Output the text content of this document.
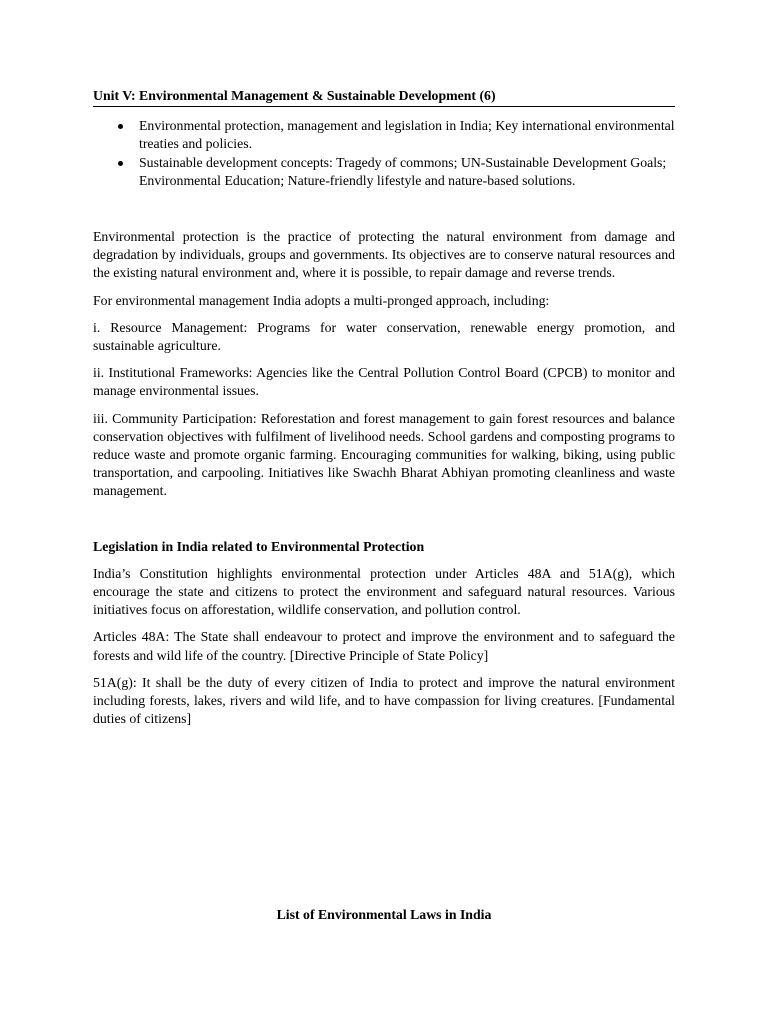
Unit V: Environmental Management & Sustainable Development (6)
Environmental protection, management and legislation in India; Key international environmental treaties and policies.
Sustainable development concepts: Tragedy of commons; UN-Sustainable Development Goals; Environmental Education; Nature-friendly lifestyle and nature-based solutions.

Environmental protection is the practice of protecting the natural environment from damage and degradation by individuals, groups and governments. Its objectives are to conserve natural resources and the existing natural environment and, where it is possible, to repair damage and reverse trends.

For environmental management India adopts a multi-pronged approach, including:

i. Resource Management: Programs for water conservation, renewable energy promotion, and sustainable agriculture.

ii. Institutional Frameworks: Agencies like the Central Pollution Control Board (CPCB) to monitor and manage environmental issues.

iii. Community Participation: Reforestation and forest management to gain forest resources and balance conservation objectives with fulfilment of livelihood needs. School gardens and composting programs to reduce waste and promote organic farming. Encouraging communities for walking, biking, using public transportation, and carpooling. Initiatives like Swachh Bharat Abhiyan promoting cleanliness and waste management.

Legislation in India related to Environmental Protection

India’s Constitution highlights environmental protection under Articles 48A and 51A(g), which encourage the state and citizens to protect the environment and safeguard natural resources. Various initiatives focus on afforestation, wildlife conservation, and pollution control.

Articles 48A: The State shall endeavour to protect and improve the environment and to safeguard the forests and wild life of the country. [Directive Principle of State Policy]

51A(g): It shall be the duty of every citizen of India to protect and improve the natural environment including forests, lakes, rivers and wild life, and to have compassion for living creatures. [Fundamental duties of citizens]

List of Environmental Laws in India
